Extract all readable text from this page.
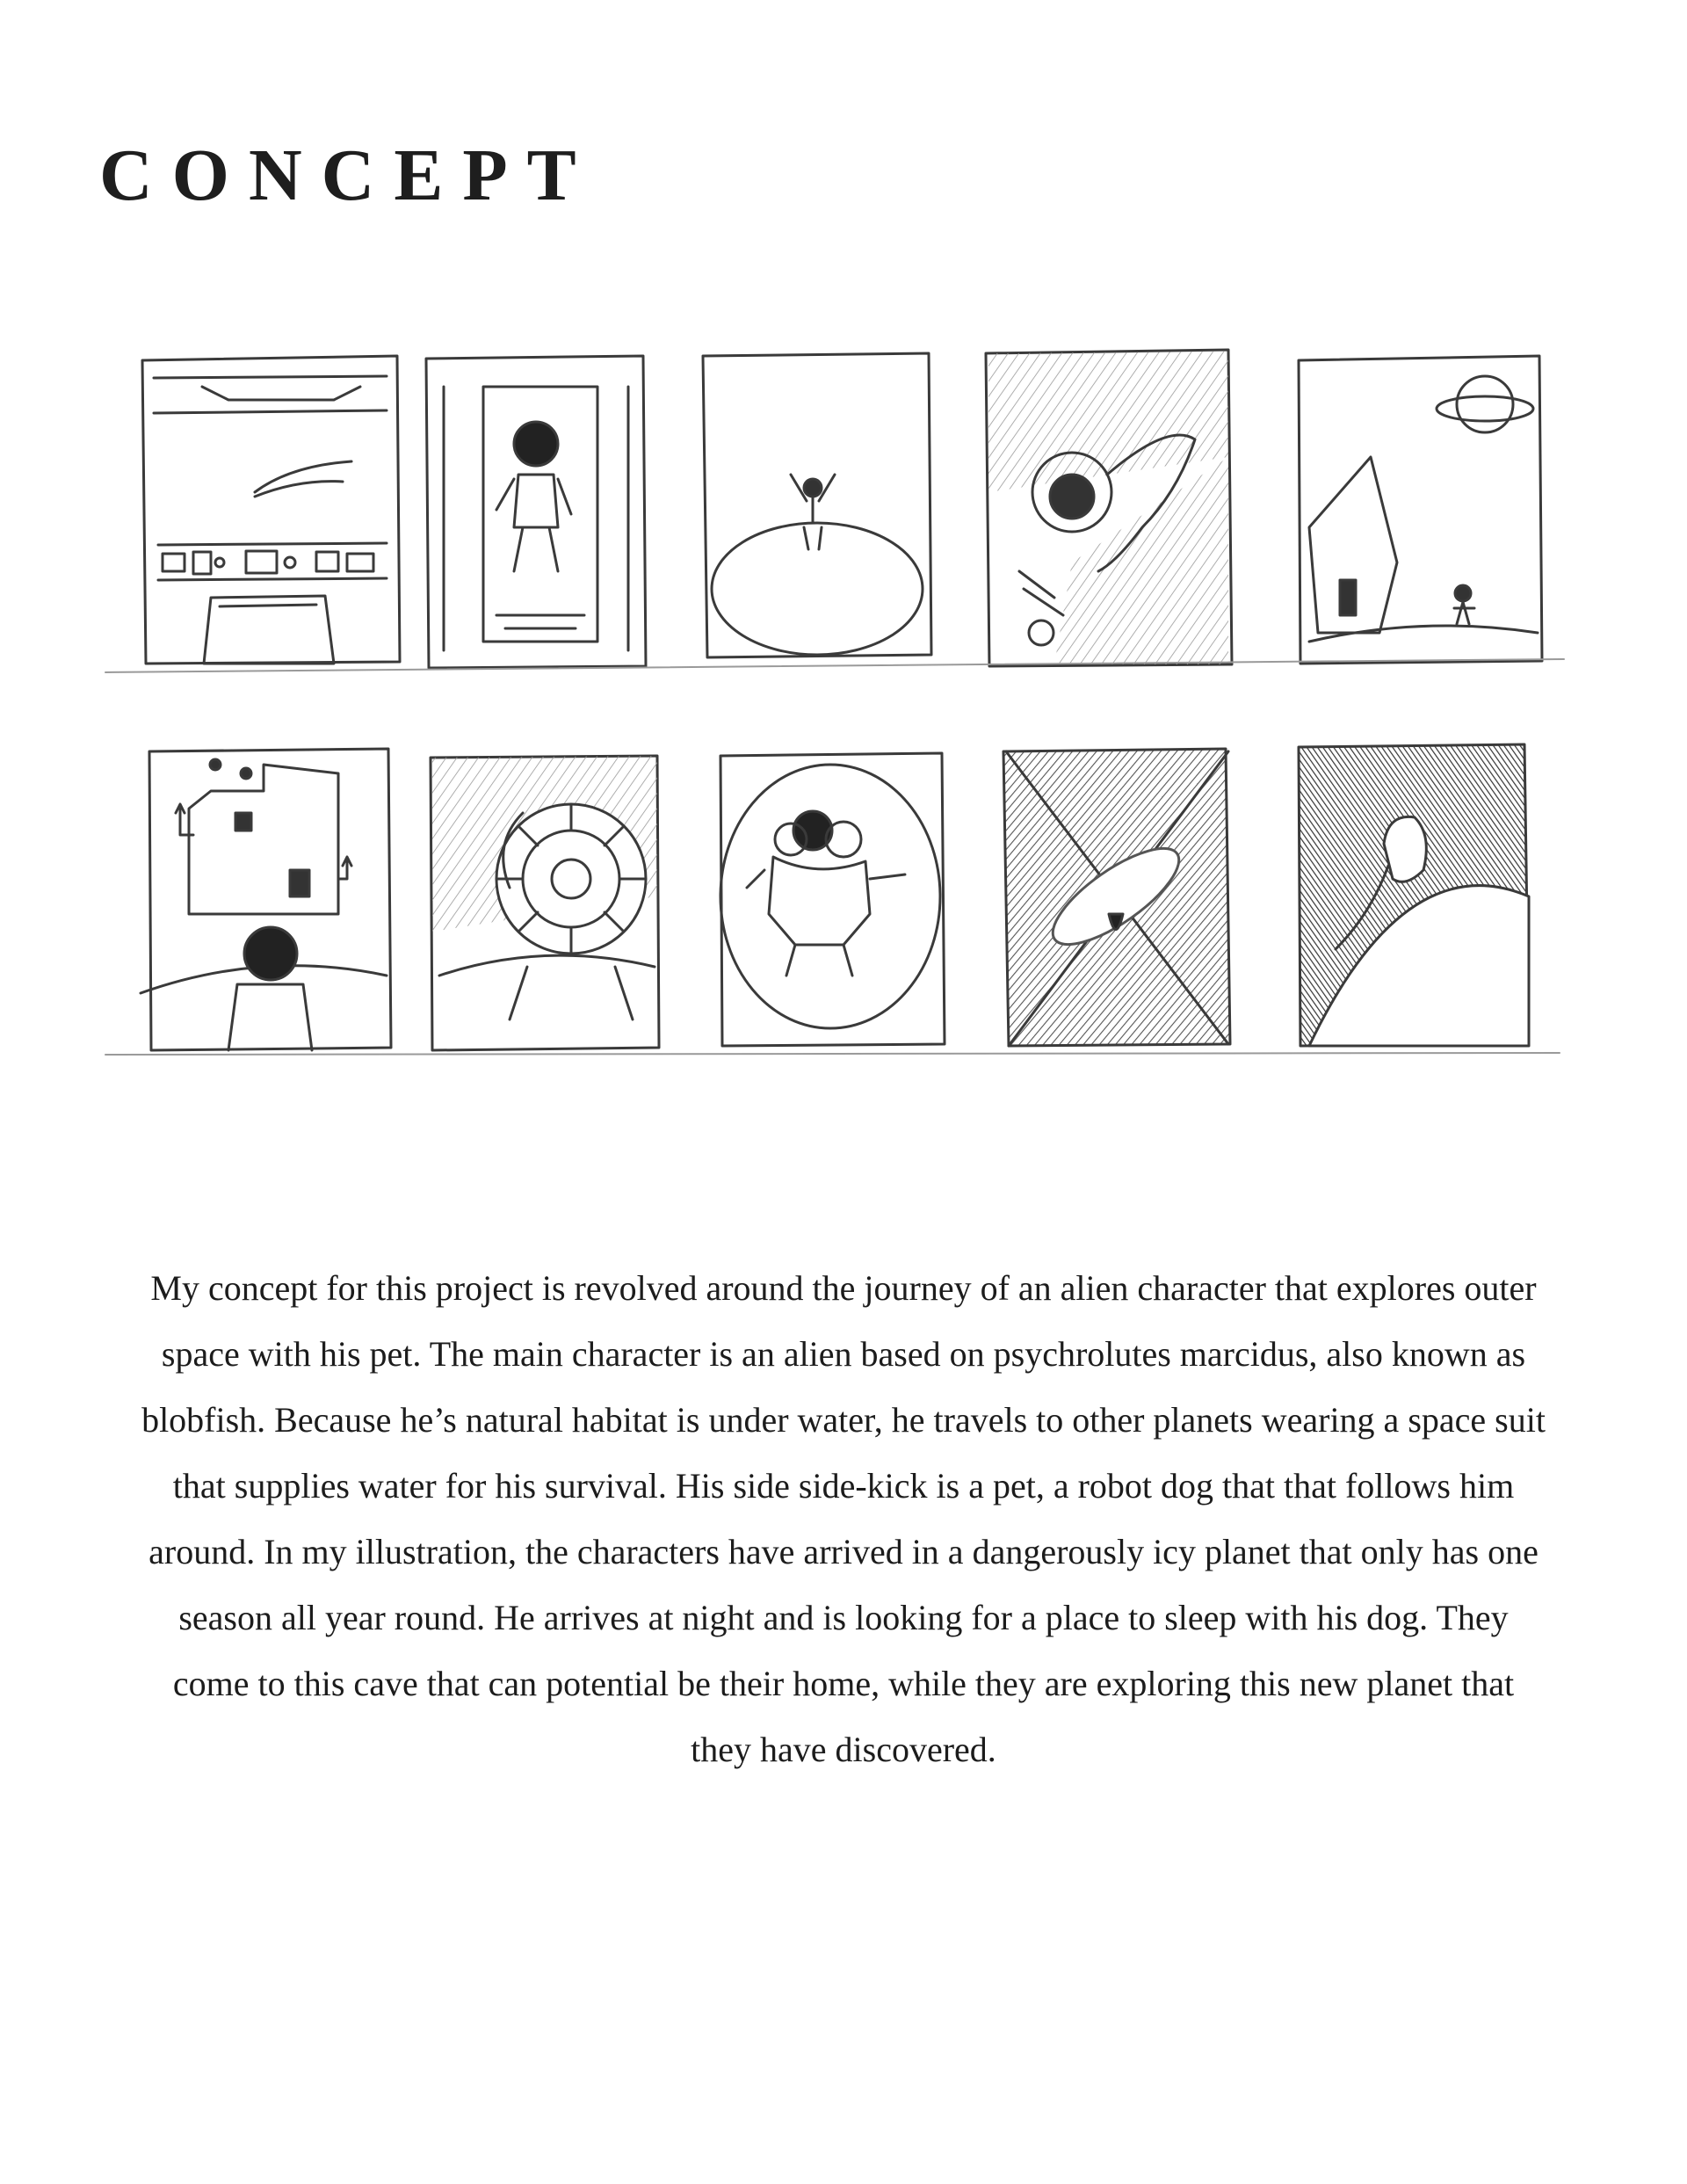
CONCEPT

My concept for this project is revolved around the journey of an alien character that explores outer space with his pet. The main character is an alien based on psychrolutes marcidus, also known as blobfish. Because he’s natural habitat is under water, he travels to other planets wearing a space suit that supplies water for his survival. His side side-kick is a pet, a robot dog that that follows him around. In my illustration, the characters have arrived in a dangerously icy planet that only has one season all year round. He arrives at night and is looking for a place to sleep with his dog. They come to this cave that can potential be their home, while they are exploring this new planet that they have discovered.
